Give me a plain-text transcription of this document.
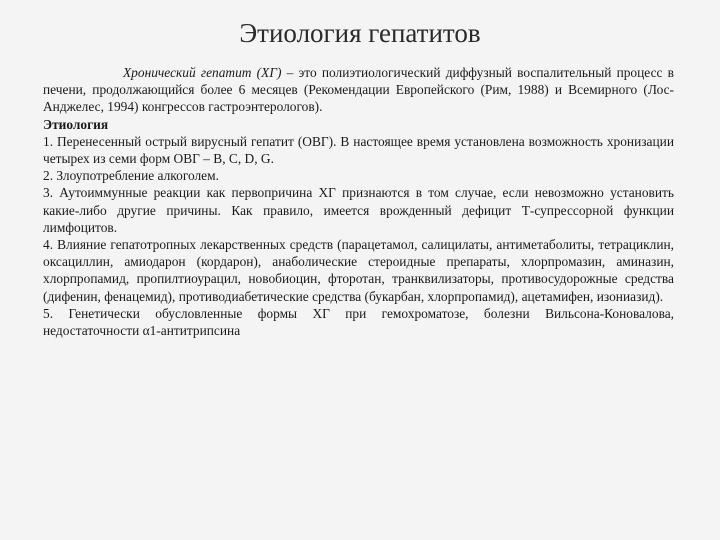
Этиология гепатитов

Хронический гепатит (ХГ) – это полиэтиологический диффузный воспалительный процесс в печени, продолжающийся более 6 месяцев (Рекомендации Европейского (Рим, 1988) и Всемирного (Лос-Анджелес, 1994) конгрессов гастроэнтерологов).

Этиология

1. Перенесенный острый вирусный гепатит (ОВГ). В настоящее время установлена возможность хронизации четырех из семи форм ОВГ – В, С, D, G.

2. Злоупотребление алкоголем.

3. Аутоиммунные реакции как первопричина ХГ признаются в том случае, если невозможно установить какие-либо другие причины. Как правило, имеется врожденный дефицит Т-супрессорной функции лимфоцитов.

4. Влияние гепатотропных лекарственных средств (парацетамол, салицилаты, антиметаболиты, тетрациклин, оксациллин, амиодарон (кордарон), анаболические стероидные препараты, хлорпромазин, аминазин, хлорпропамид, пропилтиоурацил, новобиоцин, фторотан, транквилизаторы, противосудорожные средства (дифенин, фенацемид), противодиабетические средства (букарбан, хлорпропамид), ацетамифен, изониазид).

5. Генетически обусловленные формы ХГ при гемохроматозе, болезни Вильсона-Коновалова, недостаточности α1-антитрипсина
